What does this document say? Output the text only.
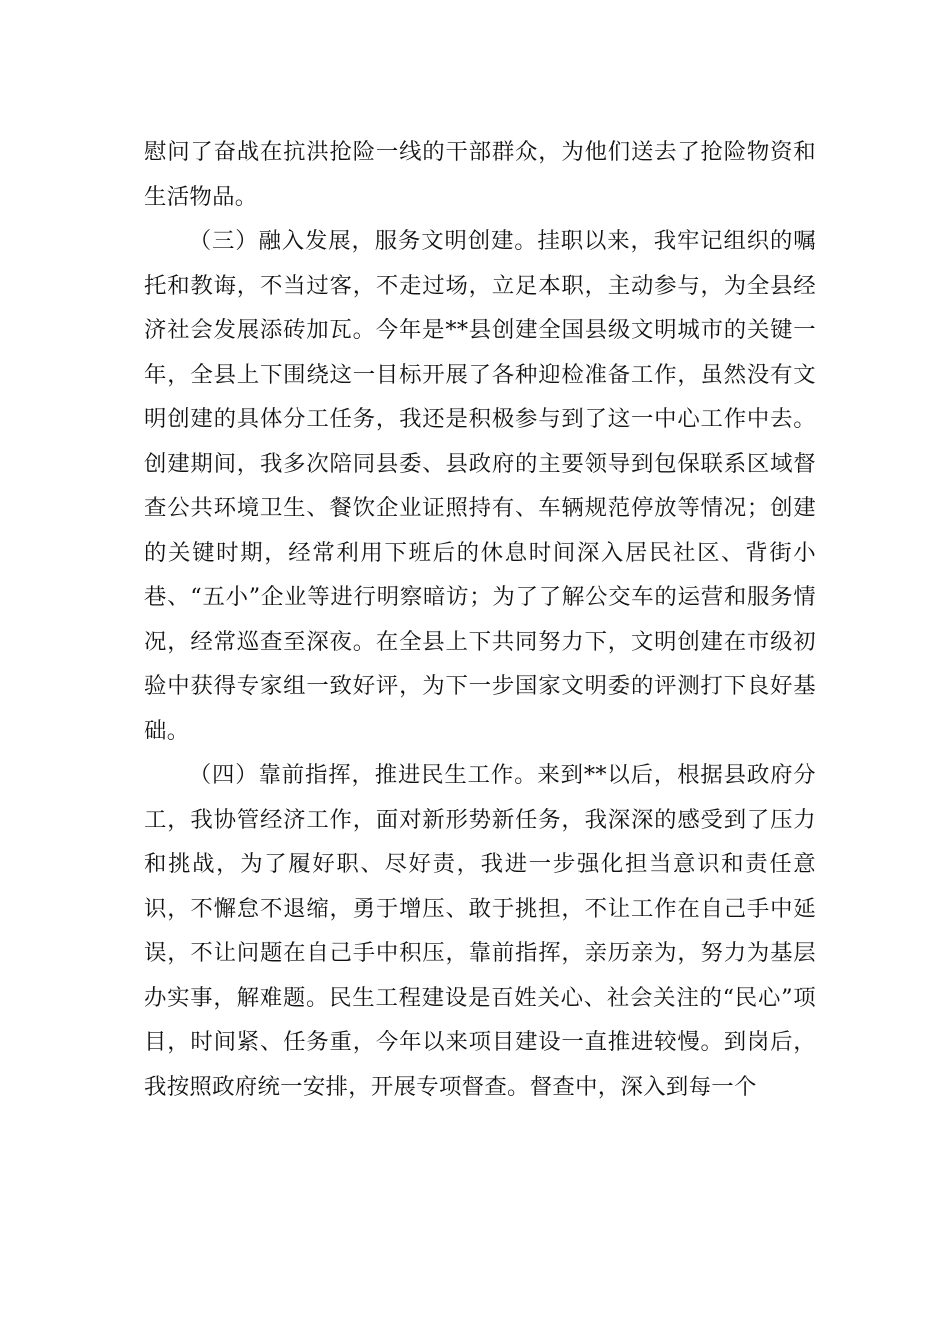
慰问了奋战在抗洪抢险一线的干部群众，为他们送去了抢险物资和生活物品。

（三）融入发展，服务文明创建。挂职以来，我牢记组织的嘱托和教诲，不当过客，不走过场，立足本职，主动参与，为全县经济社会发展添砖加瓦。今年是**县创建全国县级文明城市的关键一年，全县上下围绕这一目标开展了各种迎检准备工作，虽然没有文明创建的具体分工任务，我还是积极参与到了这一中心工作中去。创建期间，我多次陪同县委、县政府的主要领导到包保联系区域督查公共环境卫生、餐饮企业证照持有、车辆规范停放等情况；创建的关键时期，经常利用下班后的休息时间深入居民社区、背街小巷、“五小”企业等进行明察暗访；为了了解公交车的运营和服务情况，经常巡查至深夜。在全县上下共同努力下，文明创建在市级初验中获得专家组一致好评，为下一步国家文明委的评测打下良好基础。

（四）靠前指挥，推进民生工作。来到**以后，根据县政府分工，我协管经济工作，面对新形势新任务，我深深的感受到了压力和挑战，为了履好职、尽好责，我进一步强化担当意识和责任意识，不懈怠不退缩，勇于增压、敢于挑担，不让工作在自己手中延误，不让问题在自己手中积压，靠前指挥，亲历亲为，努力为基层办实事，解难题。民生工程建设是百姓关心、社会关注的“民心”项目，时间紧、任务重，今年以来项目建设一直推进较慢。到岗后，我按照政府统一安排，开展专项督查。督查中，深入到每一个
